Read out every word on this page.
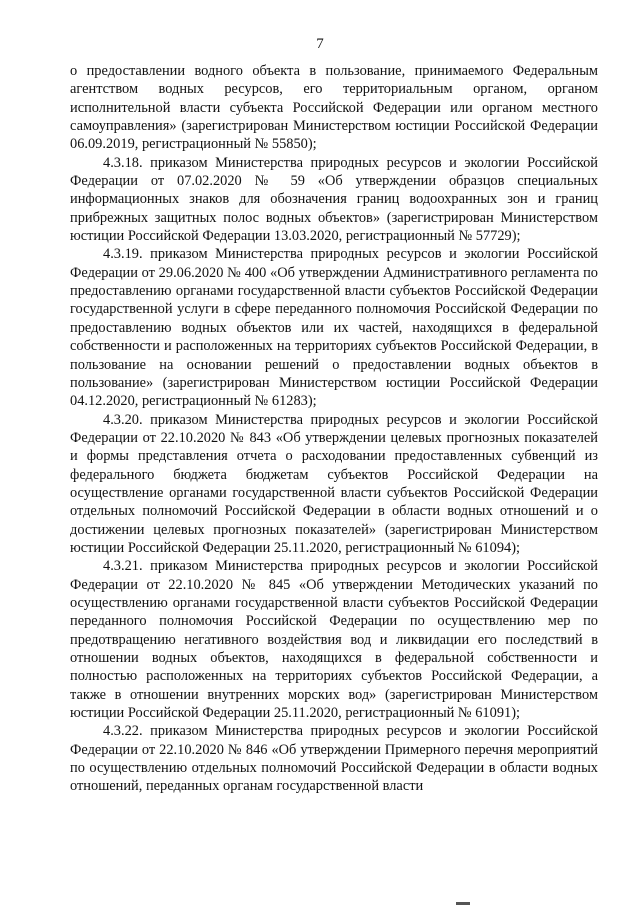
7

о предоставлении водного объекта в пользование, принимаемого Федеральным агентством водных ресурсов, его территориальным органом, органом исполнительной власти субъекта Российской Федерации или органом местного самоуправления» (зарегистрирован Министерством юстиции Российской Федерации 06.09.2019, регистрационный № 55850);

4.3.18. приказом Министерства природных ресурсов и экологии Российской Федерации от 07.02.2020 № 59 «Об утверждении образцов специальных информационных знаков для обозначения границ водоохранных зон и границ прибрежных защитных полос водных объектов» (зарегистрирован Министерством юстиции Российской Федерации 13.03.2020, регистрационный № 57729);

4.3.19. приказом Министерства природных ресурсов и экологии Российской Федерации от 29.06.2020 № 400 «Об утверждении Административного регламента по предоставлению органами государственной власти субъектов Российской Федерации государственной услуги в сфере переданного полномочия Российской Федерации по предоставлению водных объектов или их частей, находящихся в федеральной собственности и расположенных на территориях субъектов Российской Федерации, в пользование на основании решений о предоставлении водных объектов в пользование» (зарегистрирован Министерством юстиции Российской Федерации 04.12.2020, регистрационный № 61283);

4.3.20. приказом Министерства природных ресурсов и экологии Российской Федерации от 22.10.2020 № 843 «Об утверждении целевых прогнозных показателей и формы представления отчета о расходовании предоставленных субвенций из федерального бюджета бюджетам субъектов Российской Федерации на осуществление органами государственной власти субъектов Российской Федерации отдельных полномочий Российской Федерации в области водных отношений и о достижении целевых прогнозных показателей» (зарегистрирован Министерством юстиции Российской Федерации 25.11.2020, регистрационный № 61094);

4.3.21. приказом Министерства природных ресурсов и экологии Российской Федерации от 22.10.2020 № 845 «Об утверждении Методических указаний по осуществлению органами государственной власти субъектов Российской Федерации переданного полномочия Российской Федерации по осуществлению мер по предотвращению негативного воздействия вод и ликвидации его последствий в отношении водных объектов, находящихся в федеральной собственности и полностью расположенных на территориях субъектов Российской Федерации, а также в отношении внутренних морских вод» (зарегистрирован Министерством юстиции Российской Федерации 25.11.2020, регистрационный № 61091);

4.3.22. приказом Министерства природных ресурсов и экологии Российской Федерации от 22.10.2020 № 846 «Об утверждении Примерного перечня мероприятий по осуществлению отдельных полномочий Российской Федерации в области водных отношений, переданных органам государственной власти
